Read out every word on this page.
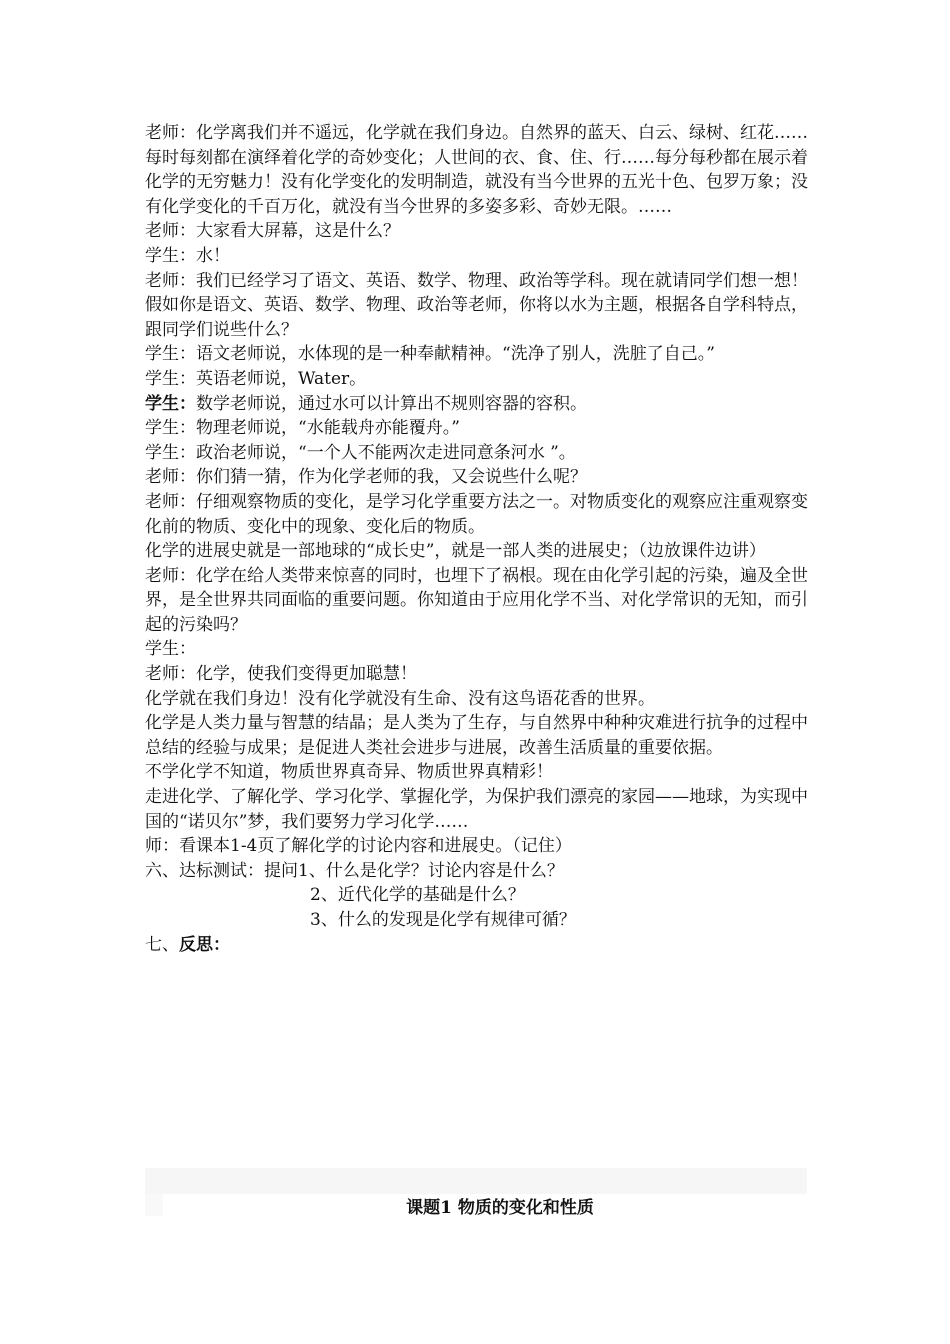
老师：化学离我们并不遥远，化学就在我们身边。自然界的蓝天、白云、绿树、红花……每时每刻都在演绎着化学的奇妙变化；人世间的衣、食、住、行……每分每秒都在展示着化学的无穷魅力！没有化学变化的发明制造，就没有当今世界的五光十色、包罗万象；没有化学变化的千百万化，就没有当今世界的多姿多彩、奇妙无限。……

老师：大家看大屏幕，这是什么？

学生：水！

老师：我们已经学习了语文、英语、数学、物理、政治等学科。现在就请同学们想一想！假如你是语文、英语、数学、物理、政治等老师，你将以水为主题，根据各自学科特点，跟同学们说些什么？

学生：语文老师说，水体现的是一种奉献精神。“洗净了别人，洗脏了自己。”

学生：英语老师说，Water。

学生：数学老师说，通过水可以计算出不规则容器的容积。

学生：物理老师说，“水能载舟亦能覆舟。”

学生：政治老师说，“一个人不能两次走进同意条河水 ”。

老师：你们猜一猜，作为化学老师的我，又会说些什么呢？

老师：仔细观察物质的变化，是学习化学重要方法之一。对物质变化的观察应注重观察变化前的物质、变化中的现象、变化后的物质。

化学的进展史就是一部地球的“成长史”，就是一部人类的进展史；（边放课件边讲）

老师：化学在给人类带来惊喜的同时，也埋下了祸根。现在由化学引起的污染，遍及全世界，是全世界共同面临的重要问题。你知道由于应用化学不当、对化学常识的无知，而引起的污染吗？

学生：

老师：化学，使我们变得更加聪慧！

化学就在我们身边！没有化学就没有生命、没有这鸟语花香的世界。

化学是人类力量与智慧的结晶；是人类为了生存，与自然界中种种灾难进行抗争的过程中总结的经验与成果；是促进人类社会进步与进展，改善生活质量的重要依据。

不学化学不知道，物质世界真奇异、物质世界真精彩！

走进化学、了解化学、学习化学、掌握化学，为保护我们漂亮的家园——地球，为实现中国的“诺贝尔”梦，我们要努力学习化学……

师：看课本1-4页了解化学的讨论内容和进展史。（记住）

六、达标测试：提问1、什么是化学？讨论内容是什么？

2、近代化学的基础是什么？

3、什么的发现是化学有规律可循？

七、反思：

课题1 物质的变化和性质
